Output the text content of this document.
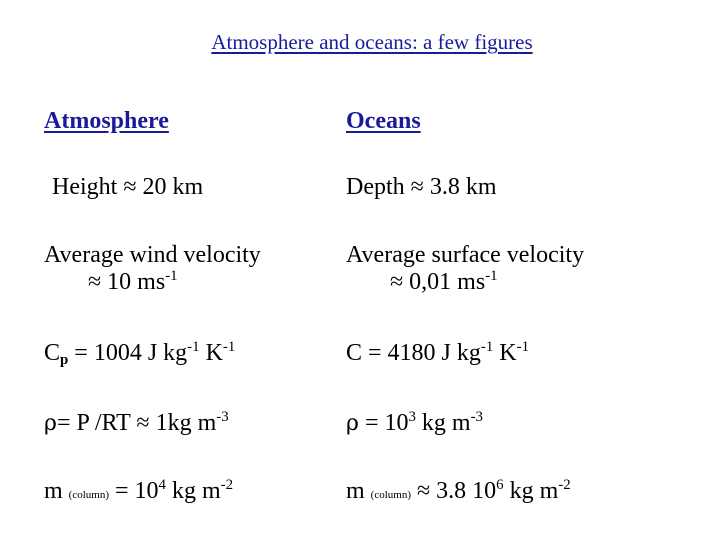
Atmosphere and oceans: a few figures
Atmosphere
Height ≈ 20 km
Average wind velocity
≈ 10 $ms^{-1}$
$C_p = 1004$ J $kg^{-1}$ $K^{-1}$
ρ= P /RT ≈ 1kg $m^{-3}$
m (column) = $10^4$ kg $m^{-2}$
Oceans
Depth ≈ 3.8 km
Average surface velocity
≈ 0,01 $ms^{-1}$
C = 4180 J $kg^{-1}$ $K^{-1}$
$\rho = 10^3$ kg $m^{-3}$
m (column) ≈ 3.8 $10^6$ kg $m^{-2}$
